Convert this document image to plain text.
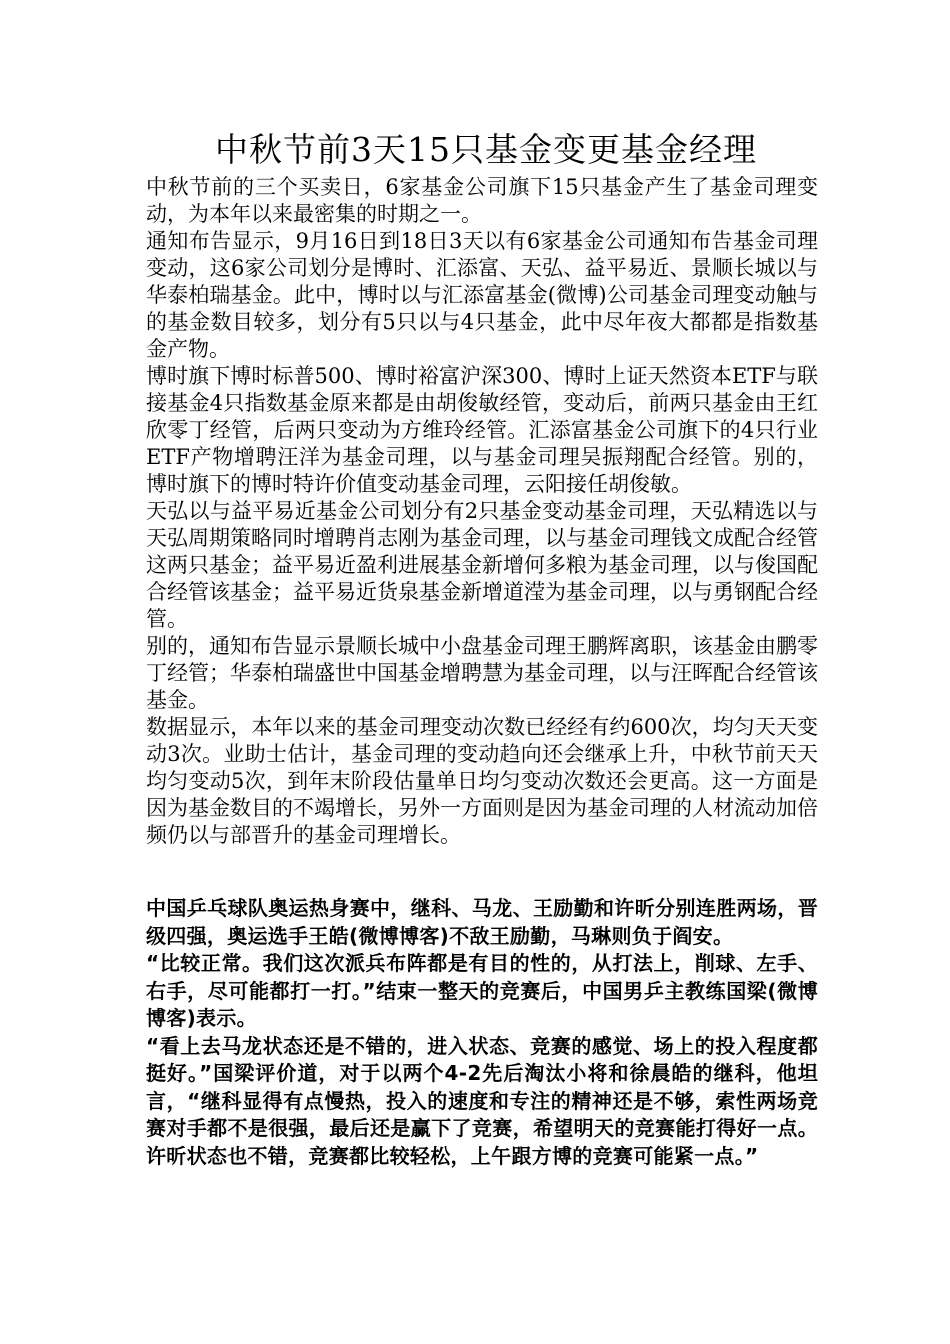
中秋节前3天15只基金变更基金经理

中秋节前的三个买卖日，6家基金公司旗下15只基金产生了基金司理变动，为本年以来最密集的时期之一。

通知布告显示，9月16日到18日3天以有6家基金公司通知布告基金司理变动，这6家公司划分是博时、汇添富、天弘、益平易近、景顺长城以与华泰柏瑞基金。此中，博时以与汇添富基金(微博)公司基金司理变动触与的基金数目较多，划分有5只以与4只基金，此中尽年夜大都都是指数基金产物。

博时旗下博时标普500、博时裕富沪深300、博时上证天然资本ETF与联接基金4只指数基金原来都是由胡俊敏经管，变动后，前两只基金由王红欣零丁经管，后两只变动为方维玲经管。汇添富基金公司旗下的4只行业ETF产物增聘汪洋为基金司理，以与基金司理吴振翔配合经管。别的，博时旗下的博时特许价值变动基金司理，云阳接任胡俊敏。

天弘以与益平易近基金公司划分有2只基金变动基金司理，天弘精选以与天弘周期策略同时增聘肖志刚为基金司理，以与基金司理钱文成配合经管这两只基金；益平易近盈利进展基金新增何多粮为基金司理，以与俊国配合经管该基金；益平易近货泉基金新增道滢为基金司理，以与勇钢配合经管。

别的，通知布告显示景顺长城中小盘基金司理王鹏辉离职，该基金由鹏零丁经管；华泰柏瑞盛世中国基金增聘慧为基金司理，以与汪晖配合经管该基金。

数据显示，本年以来的基金司理变动次数已经经有约600次，均匀天天变动3次。业助士估计，基金司理的变动趋向还会继承上升，中秋节前天天均匀变动5次，到年末阶段估量单日均匀变动次数还会更高。这一方面是因为基金数目的不竭增长，另外一方面则是因为基金司理的人材流动加倍频仍以与部晋升的基金司理增长。

中国乒乓球队奥运热身赛中，继科、马龙、王励勤和许昕分别连胜两场，晋级四强，奥运选手王皓(微博博客)不敌王励勤，马琳则负于阎安。

“比较正常。我们这次派兵布阵都是有目的性的，从打法上，削球、左手、右手，尽可能都打一打。”结束一整天的竞赛后，中国男乒主教练国梁(微博博客)表示。

“看上去马龙状态还是不错的，进入状态、竞赛的感觉、场上的投入程度都挺好。”国梁评价道，对于以两个4-2先后淘汰小将和徐晨皓的继科，他坦言，“继科显得有点慢热，投入的速度和专注的精神还是不够，索性两场竞赛对手都不是很强，最后还是赢下了竞赛，希望明天的竞赛能打得好一点。许昕状态也不错，竞赛都比较轻松，上午跟方博的竞赛可能紧一点。”
